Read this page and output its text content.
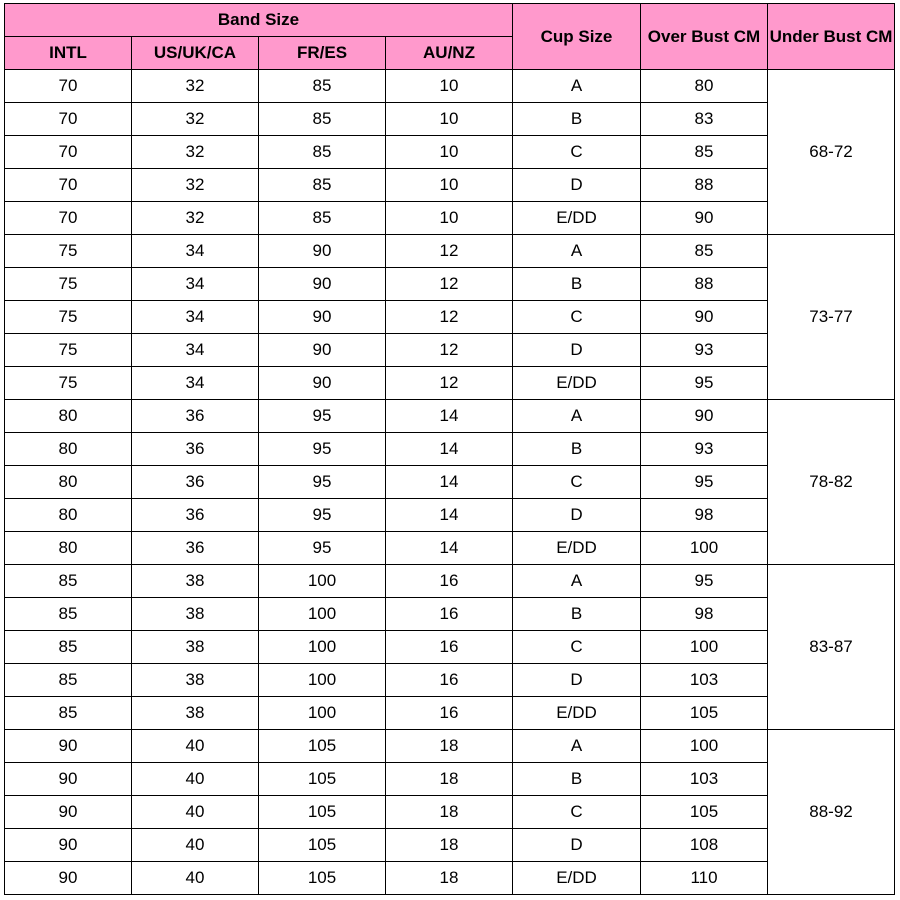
Band Size				Cup Size	Over Bust CM	Under Bust CM
INTL	US/UK/CA	FR/ES	AU/NZ			
70	32	85	10	A	80	68-72
70	32	85	10	B	83	
70	32	85	10	C	85	
70	32	85	10	D	88	
70	32	85	10	E/DD	90	
75	34	90	12	A	85	73-77
75	34	90	12	B	88	
75	34	90	12	C	90	
75	34	90	12	D	93	
75	34	90	12	E/DD	95	
80	36	95	14	A	90	78-82
80	36	95	14	B	93	
80	36	95	14	C	95	
80	36	95	14	D	98	
80	36	95	14	E/DD	100	
85	38	100	16	A	95	83-87
85	38	100	16	B	98	
85	38	100	16	C	100	
85	38	100	16	D	103	
85	38	100	16	E/DD	105	
90	40	105	18	A	100	88-92
90	40	105	18	B	103	
90	40	105	18	C	105	
90	40	105	18	D	108	
90	40	105	18	E/DD	110	
